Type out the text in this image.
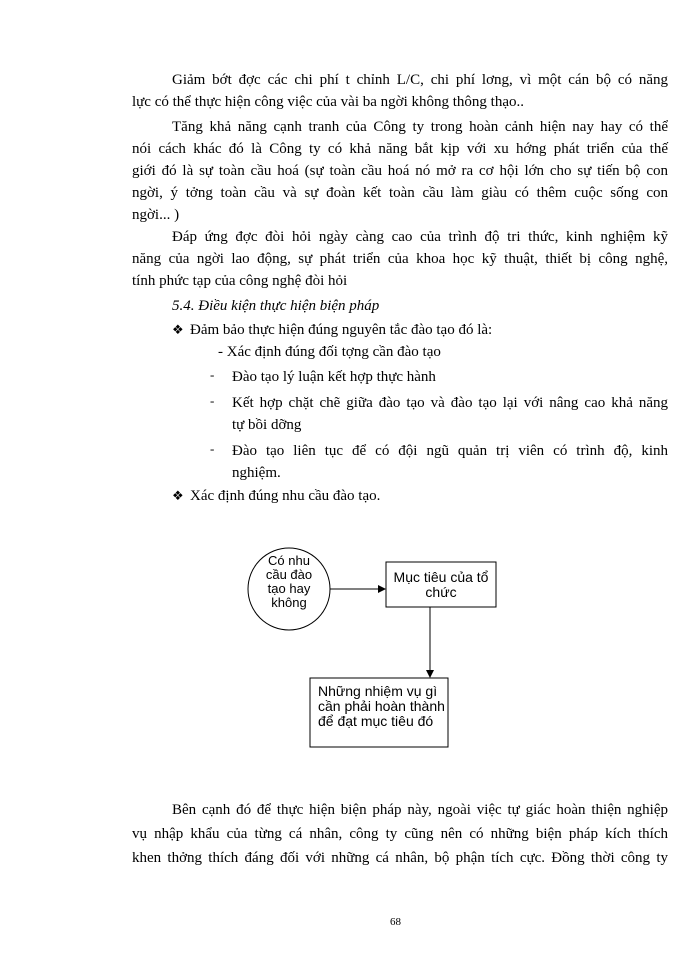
Giảm bớt đợc các chi phí t chỉnh L/C, chi phí lơng, vì một cán bộ có năng
lực có thể thực hiện công việc của vài ba ngời không thông thạo..
Tăng khả năng cạnh tranh của Công ty trong hoàn cảnh hiện nay hay có thể
nói cách khác đó là Công ty có khả năng bắt kịp với xu hớng phát triển của thế
giới đó là sự toàn cầu hoá (sự toàn cầu hoá nó mở ra cơ hội lớn cho sự tiến bộ con
ngời, ý tởng toàn cầu và sự đoàn kết toàn cầu làm giàu có thêm cuộc sống con
ngời... )
Đáp ứng đợc đòi hỏi ngày càng cao của trình độ tri thức, kinh nghiệm kỹ
năng của ngời lao động, sự phát triển của khoa học kỹ thuật, thiết bị công nghệ,
tính phức tạp của công nghệ đòi hỏi
5.4. Điều kiện thực hiện biện pháp
❖ Đảm bảo thực hiện đúng nguyên tắc đào tạo đó là:
- Xác định đúng đối tợng cần đào tạo
- Đào tạo lý luận kết hợp thực hành
- Kết hợp chặt chẽ giữa đào tạo và đào tạo lại với nâng cao khả năng
tự bồi dỡng
- Đào tạo liên tục để có đội ngũ quản trị viên có trình độ, kinh
nghiệm.
❖ Xác định đúng nhu cầu đào tạo.
Có nhu
cầu đào
tạo hay
không
Mục tiêu của tổ
chức
Những nhiệm vụ gì
cần phải hoàn thành
để đạt mục tiêu đó
Bên cạnh đó để thực hiện biện pháp này, ngoài việc tự giác hoàn thiện nghiệp
vụ nhập khẩu của từng cá nhân, công ty cũng nên có những biện pháp kích thích
khen thởng thích đáng đối với những cá nhân, bộ phận tích cực. Đồng thời công ty
68
